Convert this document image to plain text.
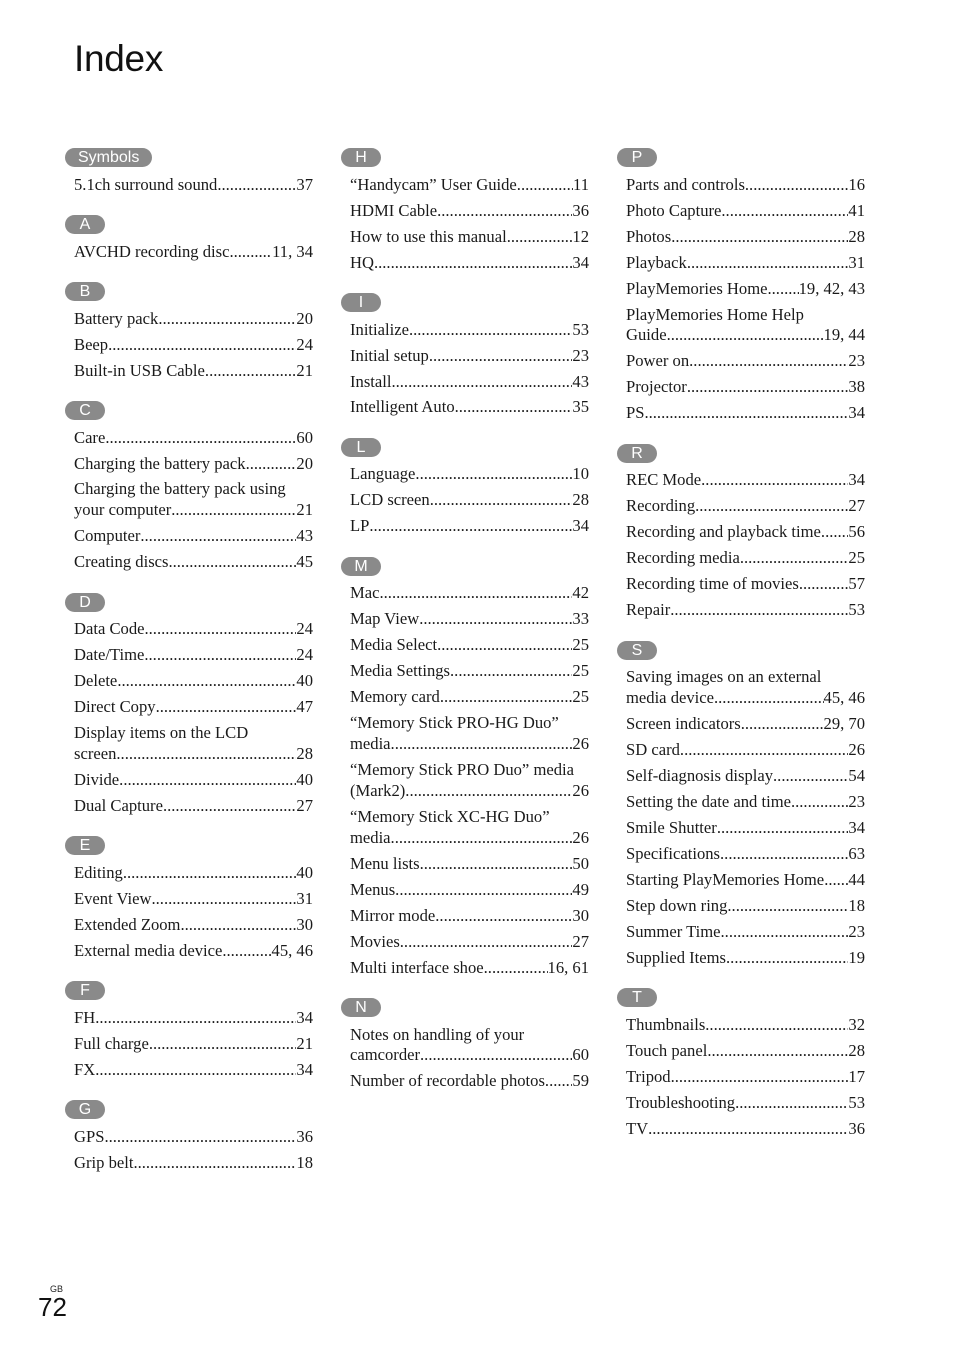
Index
Symbols
5.1ch surround sound .....	37
A
AVCHD recording disc .....	11, 34
B
Battery pack .....	20
Beep .....	24
Built-in USB Cable .....	21
C
Care .....	60
Charging the battery pack .....	20
Charging the battery pack using
your computer .....	21
Computer .....	43
Creating discs .....	45
D
Data Code .....	24
Date/Time .....	24
Delete .....	40
Direct Copy .....	47
Display items on the LCD
screen .....	28
Divide .....	40
Dual Capture .....	27
E
Editing .....	40
Event View .....	31
Extended Zoom .....	30
External media device .....	45, 46
F
FH .....	34
Full charge .....	21
FX .....	34
G
GPS .....	36
Grip belt .....	18
H
“Handycam” User Guide .....	11
HDMI Cable .....	36
How to use this manual .....	12
HQ .....	34
I
Initialize .....	53
Initial setup .....	23
Install .....	43
Intelligent Auto .....	35
L
Language .....	10
LCD screen .....	28
LP .....	34
M
Mac .....	42
Map View .....	33
Media Select .....	25
Media Settings .....	25
Memory card .....	25
“Memory Stick PRO-HG Duo”
media .....	26
“Memory Stick PRO Duo” media
(Mark2) .....	26
“Memory Stick XC-HG Duo”
media .....	26
Menu lists .....	50
Menus .....	49
Mirror mode .....	30
Movies .....	27
Multi interface shoe .....	16, 61
N
Notes on handling of your
camcorder .....	60
Number of recordable photos ..... 59
P
Parts and controls .....	16
Photo Capture .....	41
Photos .....	28
Playback .....	31
PlayMemories Home ..... 19, 42, 43
PlayMemories Home Help
Guide .....	19, 44
Power on .....	23
Projector .....	38
PS .....	34
R
REC Mode .....	34
Recording .....	27
Recording and playback time ..... 56
Recording media .....	25
Recording time of movies .....	57
Repair .....	53
S
Saving images on an external
media device .....	45, 46
Screen indicators .....	29, 70
SD card .....	26
Self-diagnosis display .....	54
Setting the date and time .....	23
Smile Shutter .....	34
Specifications .....	63
Starting PlayMemories Home ..... 44
Step down ring .....	18
Summer Time .....	23
Supplied Items .....	19
T
Thumbnails .....	32
Touch panel .....	28
Tripod .....	17
Troubleshooting .....	53
TV .....	36
GB
72
